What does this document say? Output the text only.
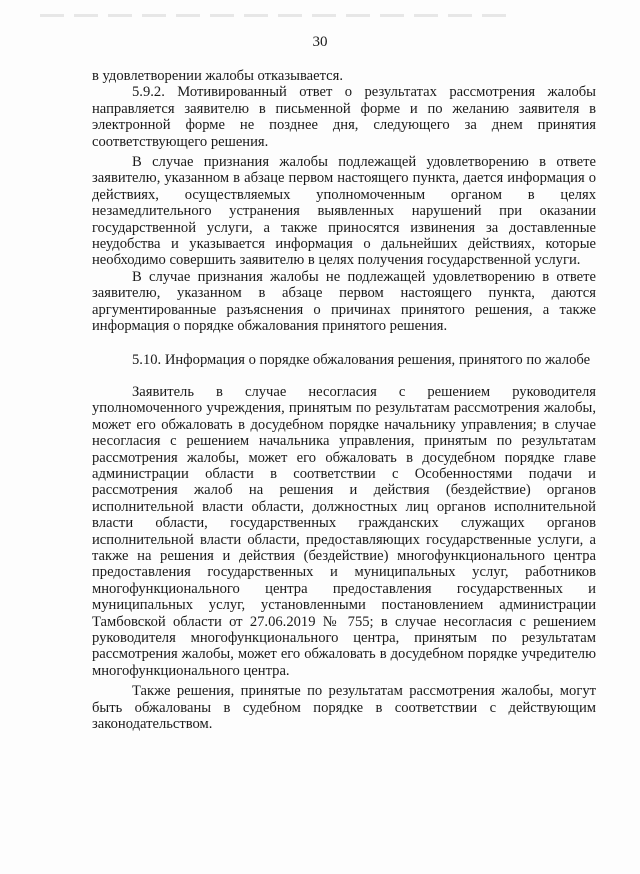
30

в удовлетворении жалобы отказывается.

5.9.2. Мотивированный ответ о результатах рассмотрения жалобы направляется заявителю в письменной форме и по желанию заявителя в электронной форме не позднее дня, следующего за днем принятия соответствующего решения.

В случае признания жалобы подлежащей удовлетворению в ответе заявителю, указанном в абзаце первом настоящего пункта, дается информация о действиях, осуществляемых уполномоченным органом в целях незамедлительного устранения выявленных нарушений при оказании государственной услуги, а также приносятся извинения за доставленные неудобства и указывается информация о дальнейших действиях, которые необходимо совершить заявителю в целях получения государственной услуги.

В случае признания жалобы не подлежащей удовлетворению в ответе заявителю, указанном в абзаце первом настоящего пункта, даются аргументированные разъяснения о причинах принятого решения, а также информация о порядке обжалования принятого решения.

5.10. Информация о порядке обжалования решения, принятого по жалобе

Заявитель в случае несогласия с решением руководителя уполномоченного учреждения, принятым по результатам рассмотрения жалобы, может его обжаловать в досудебном порядке начальнику управления; в случае несогласия с решением начальника управления, принятым по результатам рассмотрения жалобы, может его обжаловать в досудебном порядке главе администрации области в соответствии с Особенностями подачи и рассмотрения жалоб на решения и действия (бездействие) органов исполнительной власти области, должностных лиц органов исполнительной власти области, государственных гражданских служащих органов исполнительной власти области, предоставляющих государственные услуги, а также на решения и действия (бездействие) многофункционального центра предоставления государственных и муниципальных услуг, работников многофункционального центра предоставления государственных и муниципальных услуг, установленными постановлением администрации Тамбовской области от 27.06.2019 № 755; в случае несогласия с решением руководителя многофункционального центра, принятым по результатам рассмотрения жалобы, может его обжаловать в досудебном порядке учредителю многофункционального центра.

Также решения, принятые по результатам рассмотрения жалобы, могут быть обжалованы в судебном порядке в соответствии с действующим законодательством.
